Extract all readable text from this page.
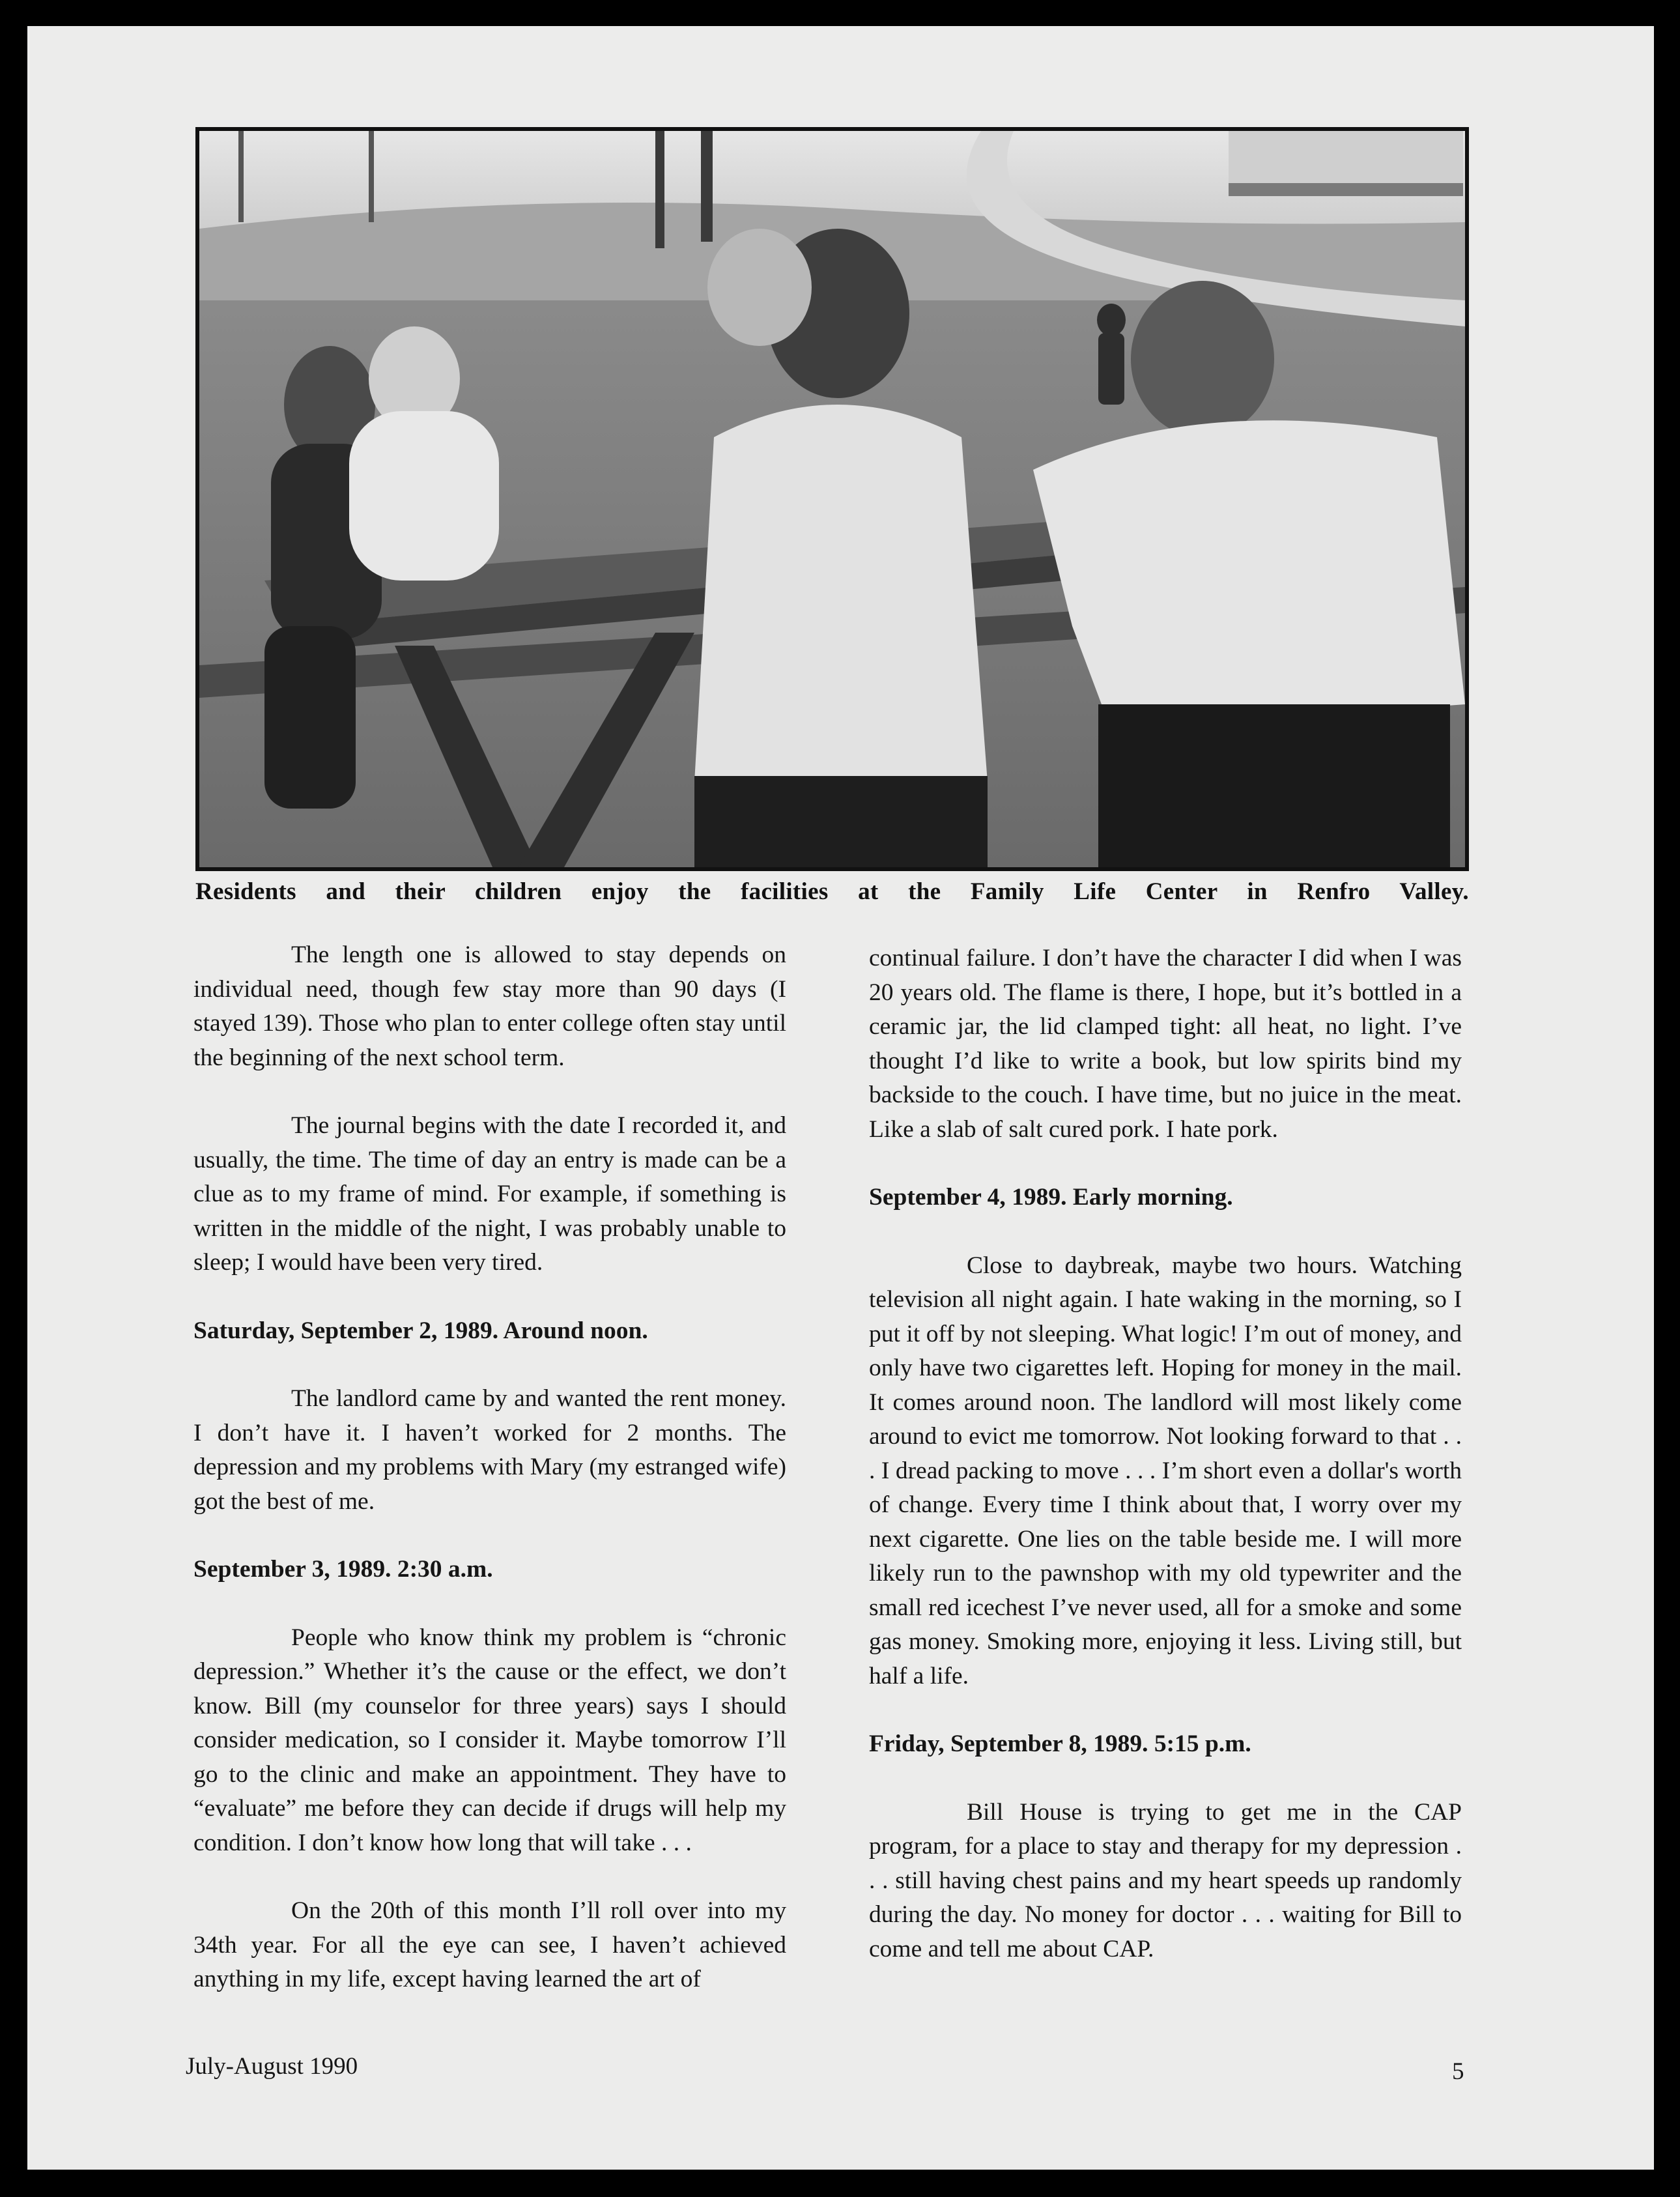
Residents and their children enjoy the facilities at the Family Life Center in Renfro Valley.

The length one is allowed to stay depends on individual need, though few stay more than 90 days (I stayed 139). Those who plan to enter college often stay until the beginning of the next school term.

The journal begins with the date I recorded it, and usually, the time. The time of day an entry is made can be a clue as to my frame of mind. For example, if something is written in the middle of the night, I was probably unable to sleep; I would have been very tired.

Saturday, September 2, 1989. Around noon.

The landlord came by and wanted the rent money. I don’t have it. I haven’t worked for 2 months. The depression and my problems with Mary (my estranged wife) got the best of me.

September 3, 1989. 2:30 a.m.

People who know think my problem is “chronic depression.” Whether it’s the cause or the effect, we don’t know. Bill (my counselor for three years) says I should consider medication, so I consider it. Maybe tomorrow I’ll go to the clinic and make an appointment. They have to “evaluate” me before they can decide if drugs will help my condition. I don’t know how long that will take . . .

On the 20th of this month I’ll roll over into my 34th year. For all the eye can see, I haven’t achieved anything in my life, except having learned the art of

continual failure. I don’t have the character I did when I was 20 years old. The flame is there, I hope, but it’s bottled in a ceramic jar, the lid clamped tight: all heat, no light. I’ve thought I’d like to write a book, but low spirits bind my backside to the couch. I have time, but no juice in the meat. Like a slab of salt cured pork. I hate pork.

September 4, 1989. Early morning.

Close to daybreak, maybe two hours. Watching television all night again. I hate waking in the morning, so I put it off by not sleeping. What logic! I’m out of money, and only have two cigarettes left. Hoping for money in the mail. It comes around noon. The landlord will most likely come around to evict me tomorrow. Not looking forward to that . . . I dread packing to move . . . I’m short even a dollar's worth of change. Every time I think about that, I worry over my next cigarette. One lies on the table beside me. I will more likely run to the pawnshop with my old typewriter and the small red icechest I’ve never used, all for a smoke and some gas money. Smoking more, enjoying it less. Living still, but half a life.

Friday, September 8, 1989. 5:15 p.m.

Bill House is trying to get me in the CAP program, for a place to stay and therapy for my depression . . . still having chest pains and my heart speeds up randomly during the day. No money for doctor . . . waiting for Bill to come and tell me about CAP.

July-August 1990	5
